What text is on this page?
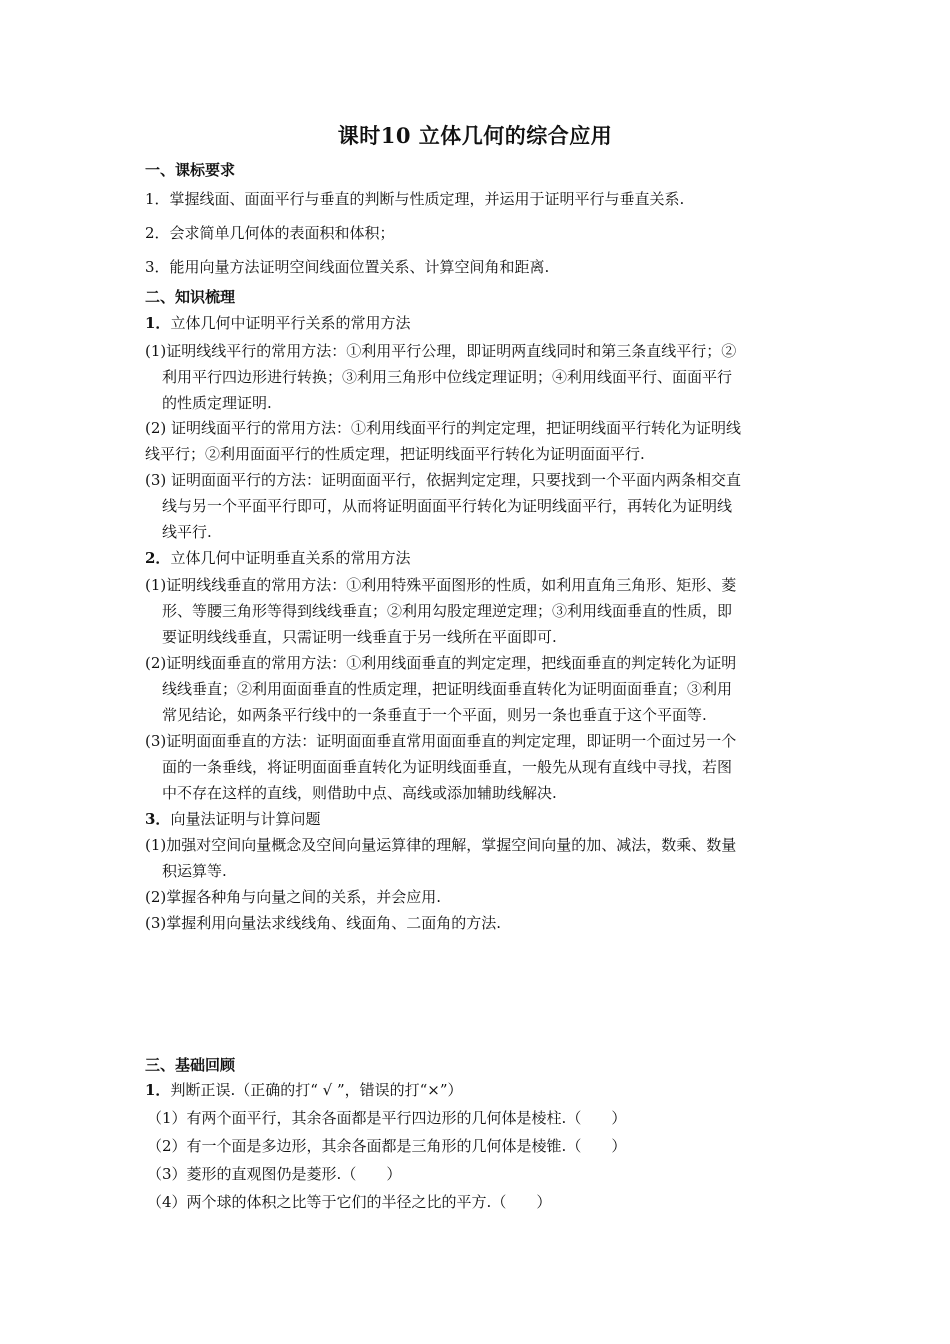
课时10 立体几何的综合应用
一、课标要求
1．掌握线面、面面平行与垂直的判断与性质定理，并运用于证明平行与垂直关系.
2．会求简单几何体的表面积和体积；
3．能用向量方法证明空间线面位置关系、计算空间角和距离.
二、知识梳理
1．立体几何中证明平行关系的常用方法
(1)证明线线平行的常用方法：①利用平行公理，即证明两直线同时和第三条直线平行；②
利用平行四边形进行转换；③利用三角形中位线定理证明；④利用线面平行、面面平行
的性质定理证明.
(2) 证明线面平行的常用方法：①利用线面平行的判定定理，把证明线面平行转化为证明线
线平行；②利用面面平行的性质定理，把证明线面平行转化为证明面面平行.
(3) 证明面面平行的方法：证明面面平行，依据判定定理，只要找到一个平面内两条相交直
线与另一个平面平行即可，从而将证明面面平行转化为证明线面平行，再转化为证明线
线平行.
2．立体几何中证明垂直关系的常用方法
(1)证明线线垂直的常用方法：①利用特殊平面图形的性质，如利用直角三角形、矩形、菱
形、等腰三角形等得到线线垂直；②利用勾股定理逆定理；③利用线面垂直的性质，即
要证明线线垂直，只需证明一线垂直于另一线所在平面即可.
(2)证明线面垂直的常用方法：①利用线面垂直的判定定理，把线面垂直的判定转化为证明
线线垂直；②利用面面垂直的性质定理，把证明线面垂直转化为证明面面垂直；③利用
常见结论，如两条平行线中的一条垂直于一个平面，则另一条也垂直于这个平面等.
(3)证明面面垂直的方法：证明面面垂直常用面面垂直的判定定理，即证明一个面过另一个
面的一条垂线，将证明面面垂直转化为证明线面垂直，一般先从现有直线中寻找，若图
中不存在这样的直线，则借助中点、高线或添加辅助线解决.
3．向量法证明与计算问题
(1)加强对空间向量概念及空间向量运算律的理解，掌握空间向量的加、减法，数乘、数量
积运算等.
(2)掌握各种角与向量之间的关系，并会应用.
(3)掌握利用向量法求线线角、线面角、二面角的方法.
三、基础回顾
1．判断正误.（正确的打“ √ ”，错误的打“×”）
（1）有两个面平行，其余各面都是平行四边形的几何体是棱柱.（　　）
（2）有一个面是多边形，其余各面都是三角形的几何体是棱锥.（　　）
（3）菱形的直观图仍是菱形.（　　）
（4）两个球的体积之比等于它们的半径之比的平方.（　　）
